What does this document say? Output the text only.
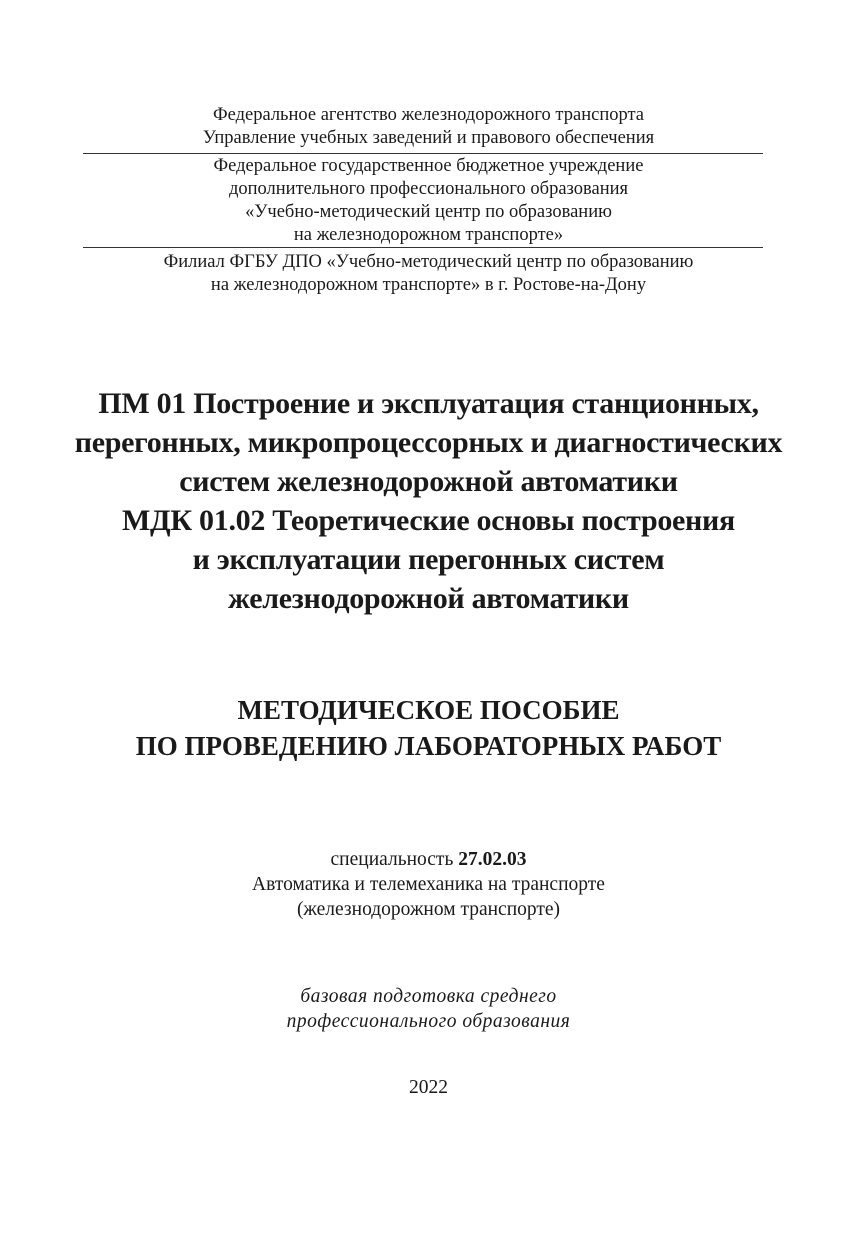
Федеральное агентство железнодорожного транспорта
Управление учебных заведений и правового обеспечения
Федеральное государственное бюджетное учреждение
дополнительного профессионального образования
«Учебно-методический центр по образованию
на железнодорожном транспорте»
Филиал ФГБУ ДПО «Учебно-методический центр по образованию
на железнодорожном транспорте» в г. Ростове-на-Дону
ПМ 01 Построение и эксплуатация станционных,
перегонных, микропроцессорных и диагностических
систем железнодорожной автоматики
МДК 01.02 Теоретические основы построения
и эксплуатации перегонных систем
железнодорожной автоматики
МЕТОДИЧЕСКОЕ ПОСОБИЕ
ПО ПРОВЕДЕНИЮ ЛАБОРАТОРНЫХ РАБОТ
специальность 27.02.03
Автоматика и телемеханика на транспорте
(железнодорожном транспорте)
базовая подготовка среднего
профессионального образования
2022
